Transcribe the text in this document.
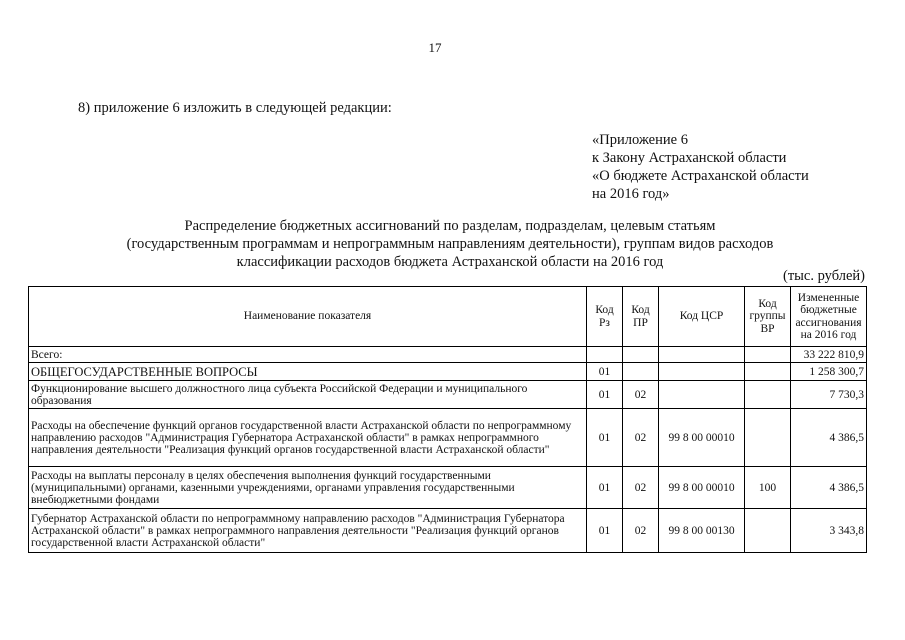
17
8) приложение 6 изложить в следующей редакции:
«Приложение 6
к Закону Астраханской области
«О бюджете Астраханской области
на 2016 год»
Распределение бюджетных ассигнований по разделам, подразделам, целевым статьям
(государственным программам и непрограммным направлениям деятельности), группам видов расходов
классификации расходов бюджета Астраханской области на 2016 год
(тыс. рублей)
Наименование показателя	Код Рз	Код ПР	Код ЦСР	Код группы ВР	Измененные бюджетные ассигнования на 2016 год
Всего:					33 222 810,9
ОБЩЕГОСУДАРСТВЕННЫЕ ВОПРОСЫ	01				1 258 300,7
Функционирование высшего должностного лица субъекта Российской Федерации и муниципального образования	01	02			7 730,3
Расходы на обеспечение функций органов государственной власти Астраханской области по непрограммному направлению расходов "Администрация Губернатора Астраханской области" в рамках непрограммного направления деятельности "Реализация функций органов государственной власти Астраханской области"	01	02	99 8 00 00010		4 386,5
Расходы на выплаты персоналу в целях обеспечения выполнения функций государственными (муниципальными) органами, казенными учреждениями, органами управления государственными внебюджетными фондами	01	02	99 8 00 00010	100	4 386,5
Губернатор Астраханской области по непрограммному направлению расходов "Администрация Губернатора Астраханской области" в рамках непрограммного направления деятельности "Реализация функций органов государственной власти Астраханской области"	01	02	99 8 00 00130		3 343,8
